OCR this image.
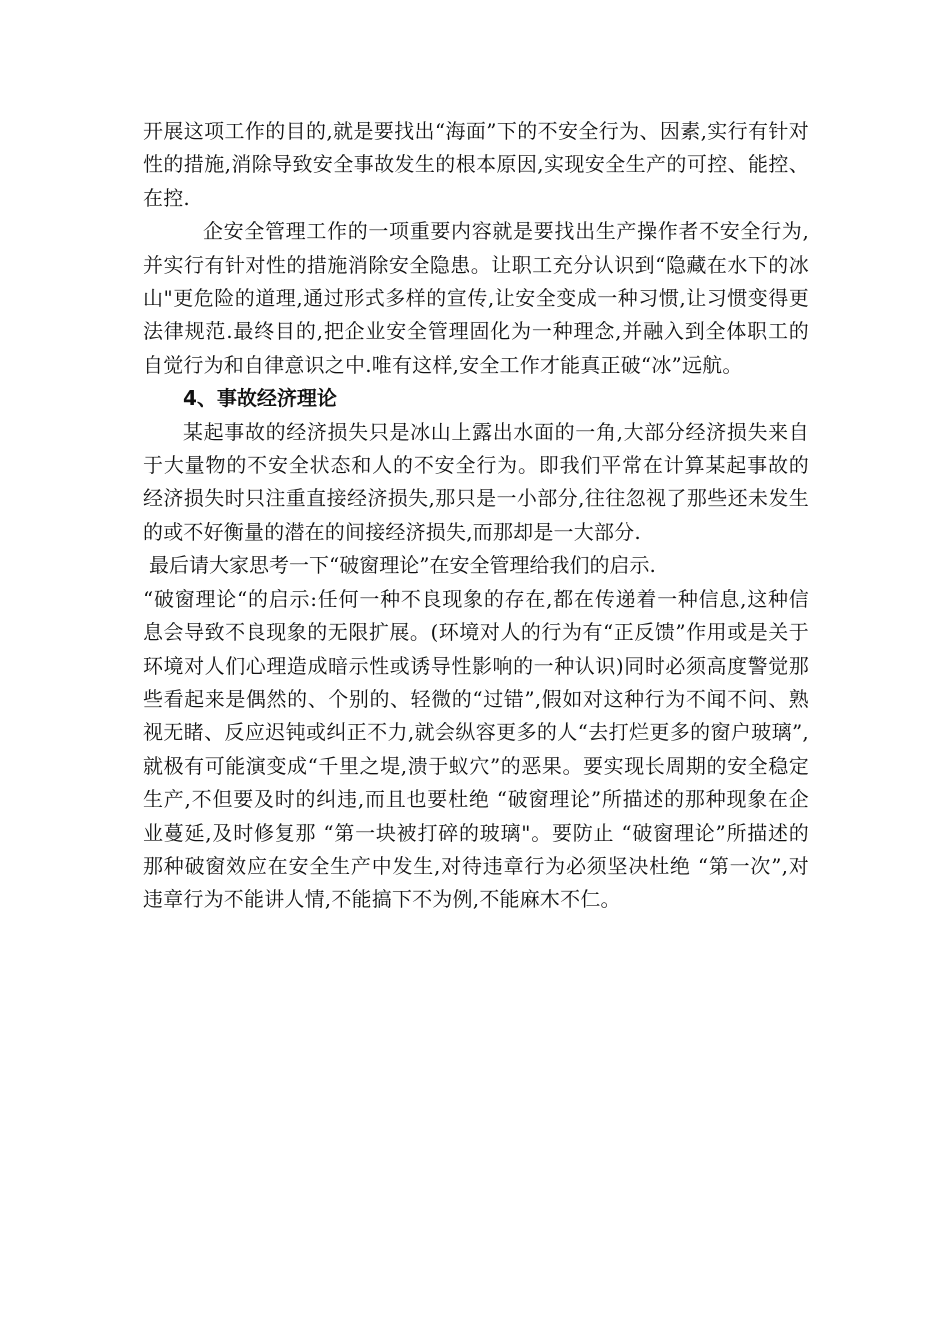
开展这项工作的目的,就是要找出“海面”下的不安全行为、因素,实行有针对性的措施,消除导致安全事故发生的根本原因,实现安全生产的可控、能控、在控.

企安全管理工作的一项重要内容就是要找出生产操作者不安全行为,并实行有针对性的措施消除安全隐患。让职工充分认识到“隐藏在水下的冰山"更危险的道理,通过形式多样的宣传,让安全变成一种习惯,让习惯变得更法律规范.最终目的,把企业安全管理固化为一种理念,并融入到全体职工的自觉行为和自律意识之中.唯有这样,安全工作才能真正破“冰”远航。

4、事故经济理论

某起事故的经济损失只是冰山上露出水面的一角,大部分经济损失来自于大量物的不安全状态和人的不安全行为。即我们平常在计算某起事故的经济损失时只注重直接经济损失,那只是一小部分,往往忽视了那些还未发生的或不好衡量的潜在的间接经济损失,而那却是一大部分.

最后请大家思考一下“破窗理论”在安全管理给我们的启示.

“破窗理论“的启示:任何一种不良现象的存在,都在传递着一种信息,这种信息会导致不良现象的无限扩展。(环境对人的行为有“正反馈”作用或是关于环境对人们心理造成暗示性或诱导性影响的一种认识)同时必须高度警觉那些看起来是偶然的、个别的、轻微的“过错”,假如对这种行为不闻不问、熟视无睹、反应迟钝或纠正不力,就会纵容更多的人“去打烂更多的窗户玻璃”,就极有可能演变成“千里之堤,溃于蚁穴”的恶果。要实现长周期的安全稳定生产,不但要及时的纠违,而且也要杜绝 “破窗理论”所描述的那种现象在企业蔓延,及时修复那 “第一块被打碎的玻璃"。要防止 “破窗理论”所描述的那种破窗效应在安全生产中发生,对待违章行为必须坚决杜绝 “第一次”,对违章行为不能讲人情,不能搞下不为例,不能麻木不仁。
